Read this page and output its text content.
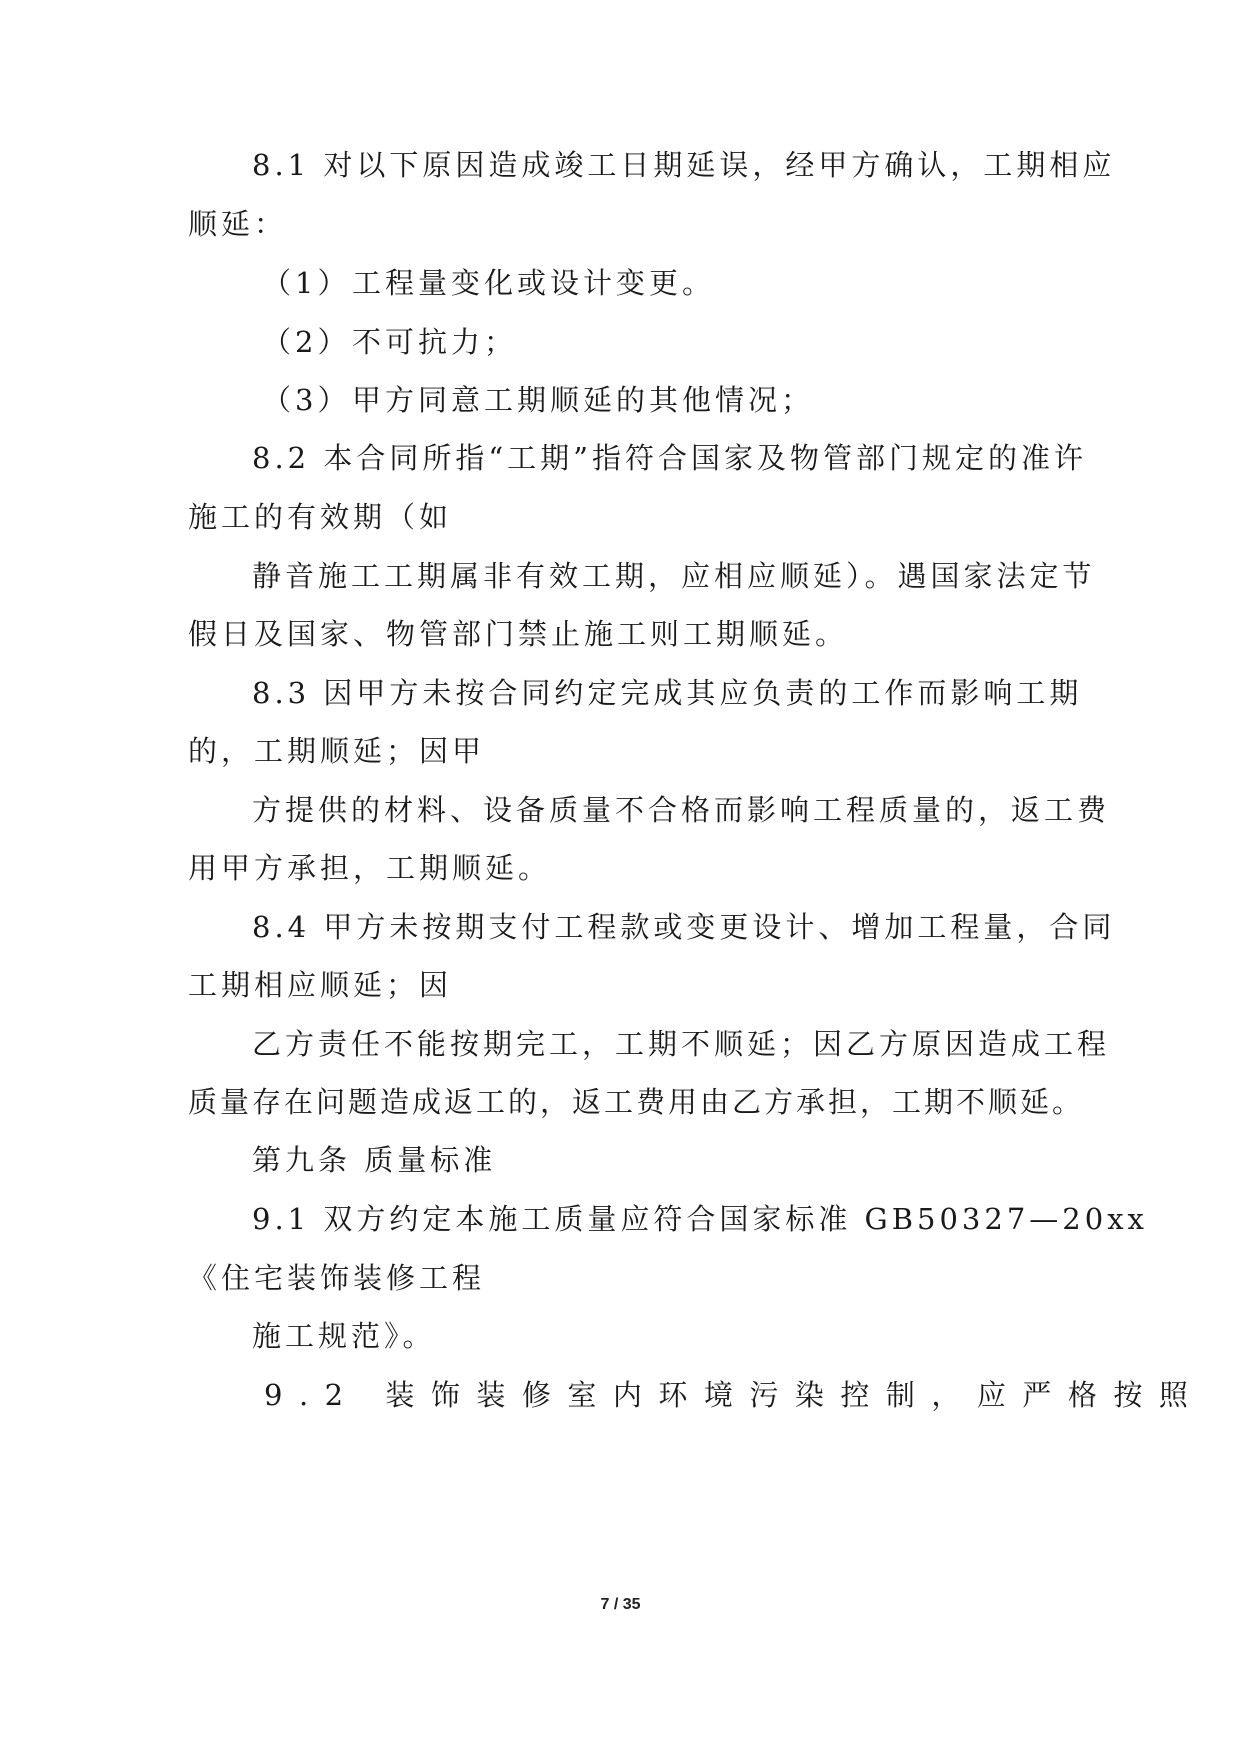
8.1 对以下原因造成竣工日期延误，经甲方确认，工期相应
顺延：
（1）工程量变化或设计变更。
（2）不可抗力；
（3）甲方同意工期顺延的其他情况；
8.2 本合同所指“工期”指符合国家及物管部门规定的准许
施工的有效期（如
静音施工工期属非有效工期，应相应顺延）。遇国家法定节
假日及国家、物管部门禁止施工则工期顺延。
8.3 因甲方未按合同约定完成其应负责的工作而影响工期
的，工期顺延；因甲
方提供的材料、设备质量不合格而影响工程质量的，返工费
用甲方承担，工期顺延。
8.4 甲方未按期支付工程款或变更设计、增加工程量，合同
工期相应顺延；因
乙方责任不能按期完工，工期不顺延；因乙方原因造成工程
质量存在问题造成返工的，返工费用由乙方承担，工期不顺延。
第九条 质量标准
9.1 双方约定本施工质量应符合国家标准 GB50327—20xx
《住宅装饰装修工程
施工规范》。
9.2 装饰装修室内环境污染控制，应严格按照
7 / 35
